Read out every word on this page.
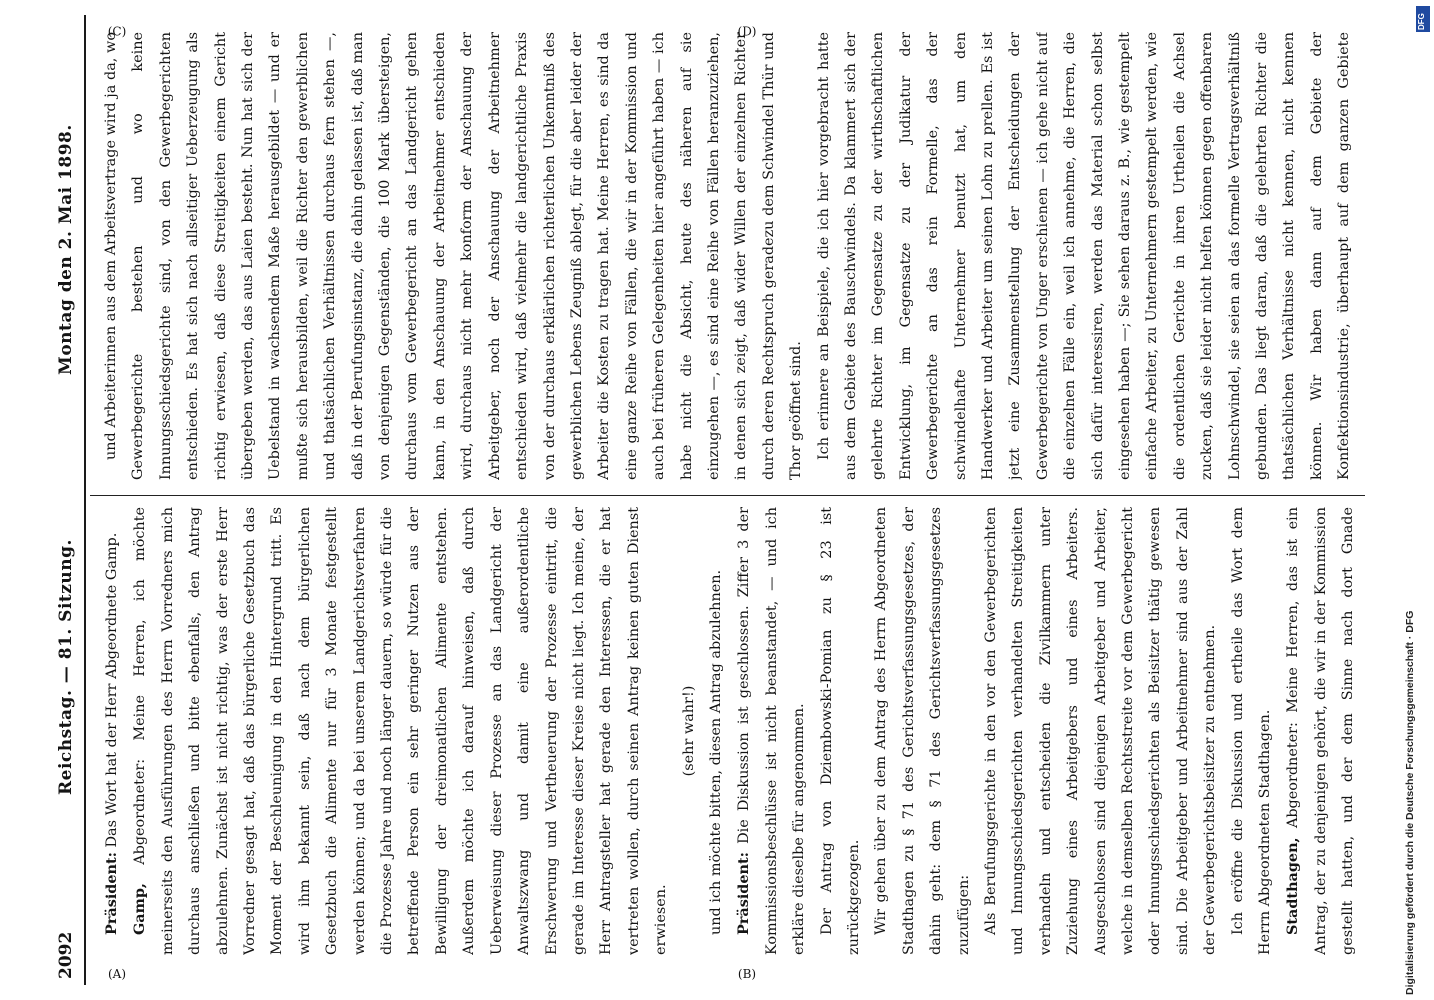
2092
Reichstag. — 81. Sitzung.
Montag den 2. Mai 1898.
(A)	(B)
(C)	(D)

Präsident: Das Wort hat der Herr Abgeordnete Gamp.

Gamp, Abgeordneter: Meine Herren, ich möchte meinerseits den Ausführungen des Herrn Vorredners mich durchaus anschließen und bitte ebenfalls, den Antrag abzulehnen. Zunächst ist nicht richtig, was der erste Herr Vorredner gesagt hat, daß das bürgerliche Gesetzbuch das Moment der Beschleunigung in den Hintergrund tritt. Es wird ihm bekannt sein, daß nach dem bürgerlichen Gesetzbuch die Alimente nur für 3 Monate festgestellt werden können; und da bei unserem Landgerichtsverfahren die Prozesse Jahre und noch länger dauern, so würde für die betreffende Person ein sehr geringer Nutzen aus der Bewilligung der dreimonatlichen Alimente entstehen. Außerdem möchte ich darauf hinweisen, daß durch Ueberweisung dieser Prozesse an das Landgericht der Anwaltszwang und damit eine außerordentliche Erschwerung und Vertheuerung der Prozesse eintritt, die gerade im Interesse dieser Kreise nicht liegt. Ich meine, der Herr Antragsteller hat gerade den Interessen, die er hat vertreten wollen, durch seinen Antrag keinen guten Dienst erwiesen.

(sehr wahr!) und ich möchte bitten, diesen Antrag abzulehnen. Präsident: Die Diskussion ist geschlossen. Ziffer 3 der Kommissionsbeschlüsse ist nicht beanstandet, — und ich erkläre dieselbe für angenommen. Der Antrag von Dziembowski-Pomian zu § 23 ist zurückgezogen. Wir gehen über zu dem Antrag des Herrn Abgeordneten Stadthagen zu § 71 des Gerichtsverfassungsgesetzes, der dahin geht: dem § 71 des Gerichtsverfassungsgesetzes zuzufügen: Als Berufungsgerichte in den vor den Gewerbegerichten und Innungsschiedsgerichten verhandelten Streitigkeiten verhandeln und entscheiden die Zivilkammern unter Zuziehung eines Arbeitgebers und eines Arbeiters. Ausgeschlossen sind diejenigen Arbeitgeber und Arbeiter, welche in demselben Rechtsstreite vor dem Gewerbegericht oder Innungsschiedsgerichten als Beisitzer thätig gewesen sind. Die Arbeitgeber und Arbeitnehmer sind aus der Zahl der Gewerbegerichtsbeisitzer zu entnehmen. Ich eröffne die Diskussion und ertheile das Wort dem Herrn Abgeordneten Stadthagen. Stadthagen, Abgeordneter: Meine Herren, das ist ein Antrag, der zu denjenigen gehört, die wir in der Kommission gestellt hatten, und der dem Sinne nach dort Gnade

und Arbeiterinnen aus dem Arbeitsvertrage wird ja da, wo Gewerbegerichte bestehen und wo keine Innungsschiedsgerichte sind, von den Gewerbegerichten entschieden. Es hat sich nach allseitiger Ueberzeugung als richtig erwiesen, daß diese Streitigkeiten einem Gericht übergeben werden, das aus Laien besteht. Nun hat sich der Uebelstand in wachsendem Maße herausgebildet — und er mußte sich herausbilden, weil die Richter den gewerblichen und thatsächlichen Verhältnissen durchaus fern stehen —, daß in der Berufungsinstanz, die dahin gelassen ist, daß man von denjenigen Gegenständen, die 100 Mark übersteigen, durchaus vom Gewerbegericht an das Landgericht gehen kann, in den Anschauung der Arbeitnehmer entschieden wird, durchaus nicht mehr konform der Anschauung der Arbeitgeber, noch der Anschauung der Arbeitnehmer entschieden wird, daß vielmehr die landgerichtliche Praxis von der durchaus erklärlichen richterlichen Unkenntniß des gewerblichen Lebens Zeugniß ablegt, für die aber leider der Arbeiter die Kosten zu tragen hat. Meine Herren, es sind da eine ganze Reihe von Fällen, die wir in der Kommission und auch bei früheren Gelegenheiten hier angeführt haben — ich habe nicht die Absicht, heute des näheren auf sie einzugehen —, es sind eine Reihe von Fällen heranzuziehen, in denen sich zeigt, daß wider Willen der einzelnen Richter durch deren Rechtspruch geradezu dem Schwindel Thür und Thor geöffnet sind. Ich erinnere an Beispiele, die ich hier vorgebracht hatte aus dem Gebiete des Bauschwindels. Da klammert sich der gelehrte Richter im Gegensatze zu der wirthschaftlichen Entwicklung, im Gegensatze zu der Judikatur der Gewerbegerichte an das rein Formelle, das der schwindelhafte Unternehmer benutzt hat, um den Handwerker und Arbeiter um seinen Lohn zu prellen. Es ist jetzt eine Zusammenstellung der Entscheidungen der Gewerbegerichte von Unger erschienen — ich gehe nicht auf die einzelnen Fälle ein, weil ich annehme, die Herren, die sich dafür interessiren, werden das Material schon selbst eingesehen haben —; Sie sehen daraus z. B., wie gestempelt einfache Arbeiter, zu Unternehmern gestempelt werden, wie die ordentlichen Gerichte in ihren Urtheilen die Achsel zucken, daß sie leider nicht helfen können gegen offenbaren Lohnschwindel, sie seien an das formelle Vertragsverhältniß gebunden. Das liegt daran, daß die gelehrten Richter die thatsächlichen Verhältnisse nicht kennen, nicht kennen können. Wir haben dann auf dem Gebiete der Konfektionsindustrie, überhaupt auf dem ganzen Gebiete

Digitalisierung gefördert durch die Deutsche Forschungsgemeinschaft · DFG
DFG
